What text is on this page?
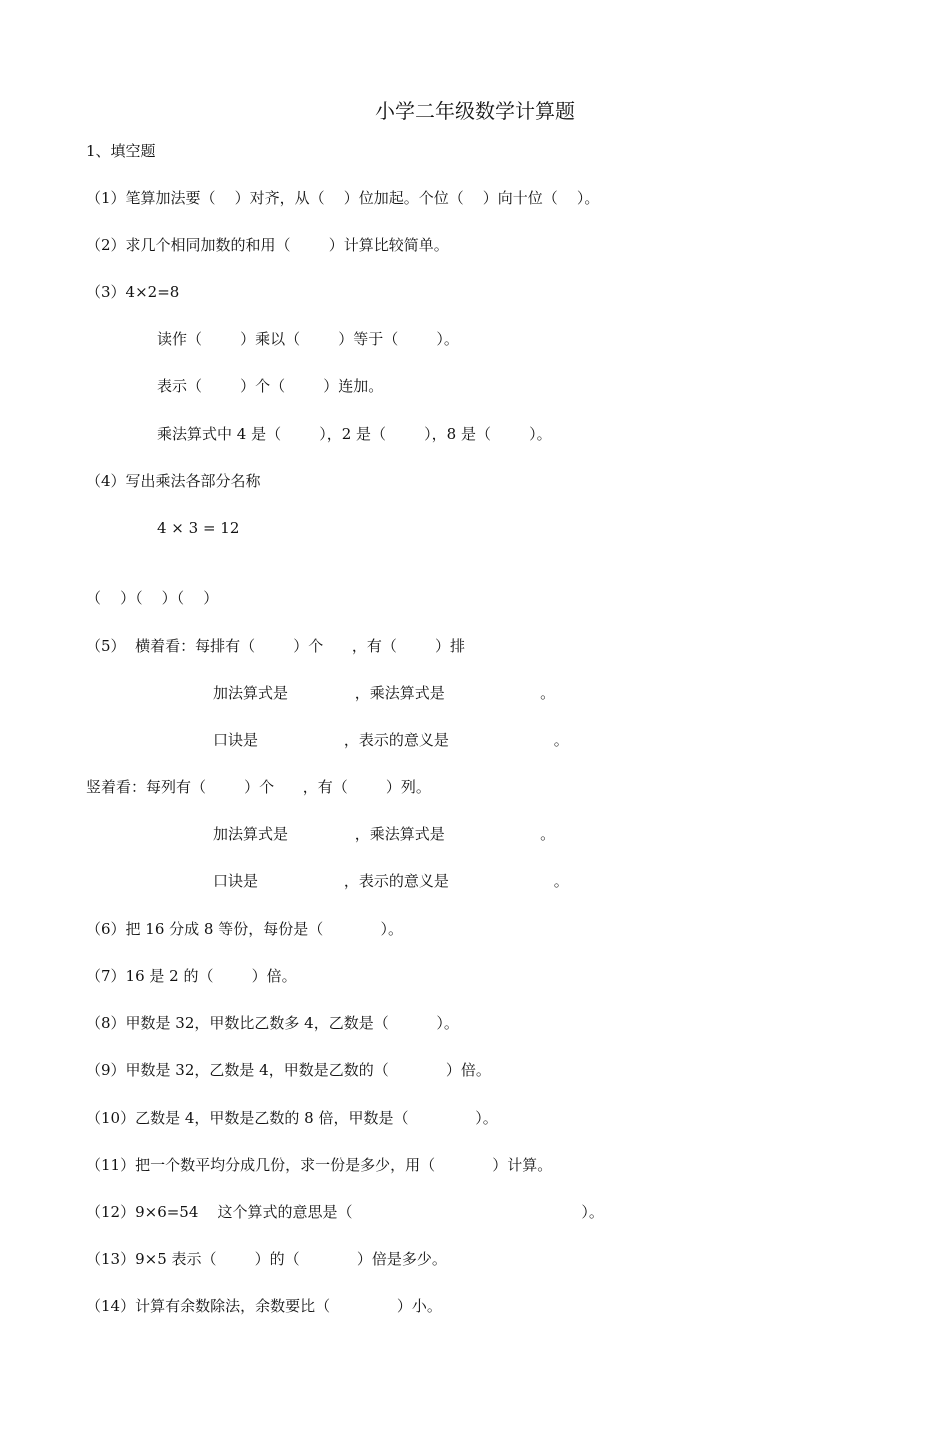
小学二年级数学计算题
1、填空题
（1）笔算加法要（    ）对齐，从（    ）位加起。个位（    ）向十位（    ）。
（2）求几个相同加数的和用（        ）计算比较简单。
（3）4×2=8
读作（        ）乘以（        ）等于（        ）。
表示（        ）个（        ）连加。
乘法算式中 4 是（        ），2 是（        ），8 是（        ）。
（4）写出乘法各部分名称
4 × 3 = 12
（    ）（    ）（    ）
（5）  横着看：每排有（        ）个      ，有（        ）排
加法算式是              ，乘法算式是                    。
口诀是                  ，表示的意义是                      。
竖着看：每列有（        ）个      ，有（        ）列。
加法算式是              ，乘法算式是                    。
口诀是                  ，表示的意义是                      。
（6）把 16 分成 8 等份，每份是（            ）。
（7）16 是 2 的（        ）倍。
（8）甲数是 32，甲数比乙数多 4，乙数是（          ）。
（9）甲数是 32，乙数是 4，甲数是乙数的（            ）倍。
（10）乙数是 4，甲数是乙数的 8 倍，甲数是（              ）。
（11）把一个数平均分成几份，求一份是多少，用（            ）计算。
（12）9×6=54    这个算式的意思是（                                                ）。
（13）9×5 表示（        ）的（            ）倍是多少。
（14）计算有余数除法，余数要比（              ）小。
